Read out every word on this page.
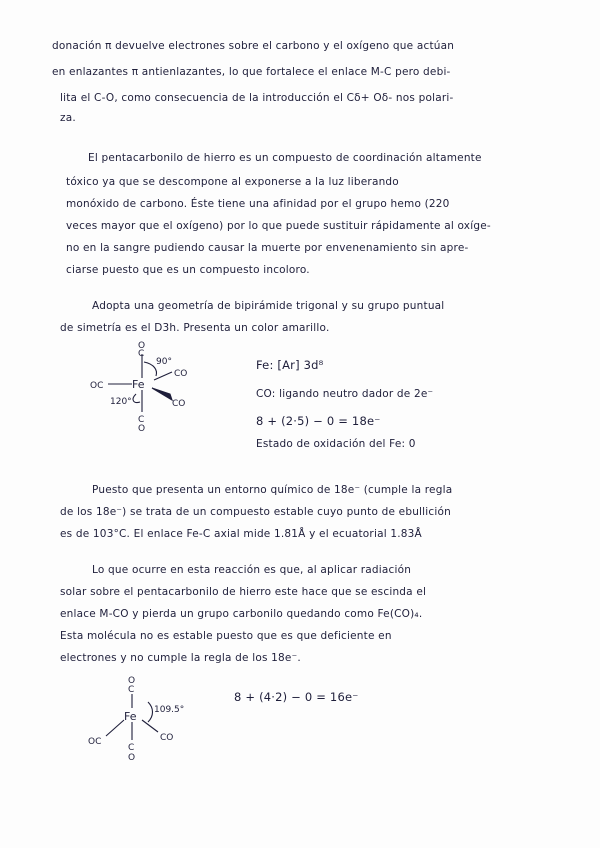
donación π devuelve electrones sobre el carbono y el oxígeno que actúan
en enlazantes π antienlazantes, lo que fortalece el enlace M-C pero debi-
lita el C-O, como consecuencia de la introducción el Cδ+ Oδ- nos polari-
za.
El pentacarbonilo de hierro es un compuesto de coordinación altamente
tóxico ya que se descompone al exponerse a la luz liberando
monóxido de carbono. Éste tiene una afinidad por el grupo hemo (220
veces mayor que el oxígeno) por lo que puede sustituir rápidamente al oxíge-
no en la sangre pudiendo causar la muerte por envenenamiento sin apre-
ciarse puesto que es un compuesto incoloro.
Adopta una geometría de bipirámide trigonal y su grupo puntual
de simetría es el D3h. Presenta un color amarillo.
O
C
90°
Fe
OC
CO
120°	CO
C
O
Fe: [Ar] 3d⁸
CO: ligando neutro dador de 2e⁻
8 + (2·5) − 0 = 18e⁻
Estado de oxidación del Fe: 0
Puesto que presenta un entorno químico de 18e⁻ (cumple la regla
de los 18e⁻) se trata de un compuesto estable cuyo punto de ebullición
es de 103°C. El enlace Fe-C axial mide 1.81Å y el ecuatorial 1.83Å
Lo que ocurre en esta reacción es que, al aplicar radiación
solar sobre el pentacarbonilo de hierro este hace que se escinda el
enlace M-CO y pierda un grupo carbonilo quedando como Fe(CO)₄.
Esta molécula no es estable puesto que es que deficiente en
electrones y no cumple la regla de los 18e⁻.
O
C
Fe 109.5°
OC	CO
C
O
8 + (4·2) − 0 = 16e⁻
